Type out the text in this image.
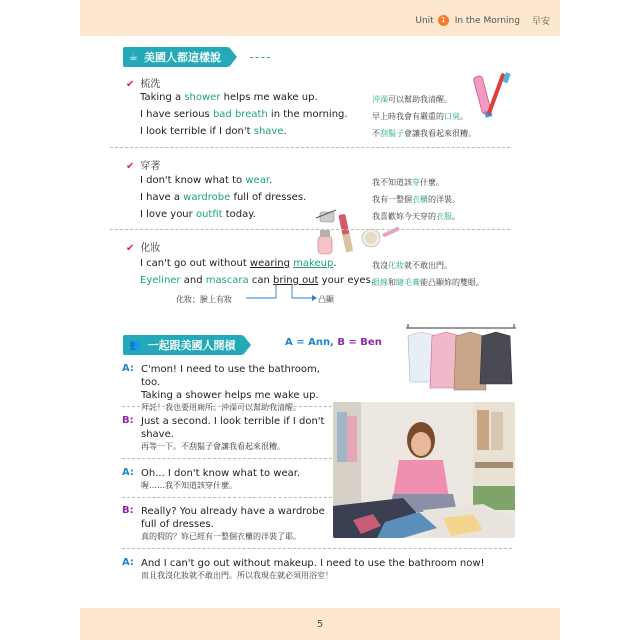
Unit	1	In the Morning 早安
☕ 美國人都這樣說
✔ 梳洗
Taking a shower helps me wake up.	沖澡可以幫助我清醒。
I have serious bad breath in the morning.	早上時我會有嚴重的口臭。
I look terrible if I don't shave.	不刮鬍子會讓我看起來很糟。
✔ 穿著
I don't know what to wear.	我不知道該穿什麼。
I have a wardrobe full of dresses.	我有一整個衣櫃的洋裝。
I love your outfit today.	我喜歡妳今天穿的衣服。
✔ 化妝
I can't go out without wearing makeup.	我沒化妝就不敢出門。
Eyeliner and mascara can bring out your eyes.
眼線和睫毛膏能凸顯妳的雙眼。
化妝；臉上有妝	凸顯
👥 一起跟美國人開槓	A = Ann, B = Ben
A: C'mon! I need to use the bathroom, too.
Taking a shower helps me wake up.
拜託！我也要用廁所。沖澡可以幫助我清醒。
B: Just a second. I look terrible if I don't
shave.
再等一下。不刮鬍子會讓我看起來很糟。
A: Oh... I don't know what to wear.
喔……我不知道該穿什麼。
B: Really? You already have a wardrobe
full of dresses.
真的假的？妳已經有一整個衣櫃的洋裝了耶。
A: And I can't go out without makeup. I need to use the bathroom now!
而且我沒化妝就不敢出門。所以我現在就必須用浴室！
5
